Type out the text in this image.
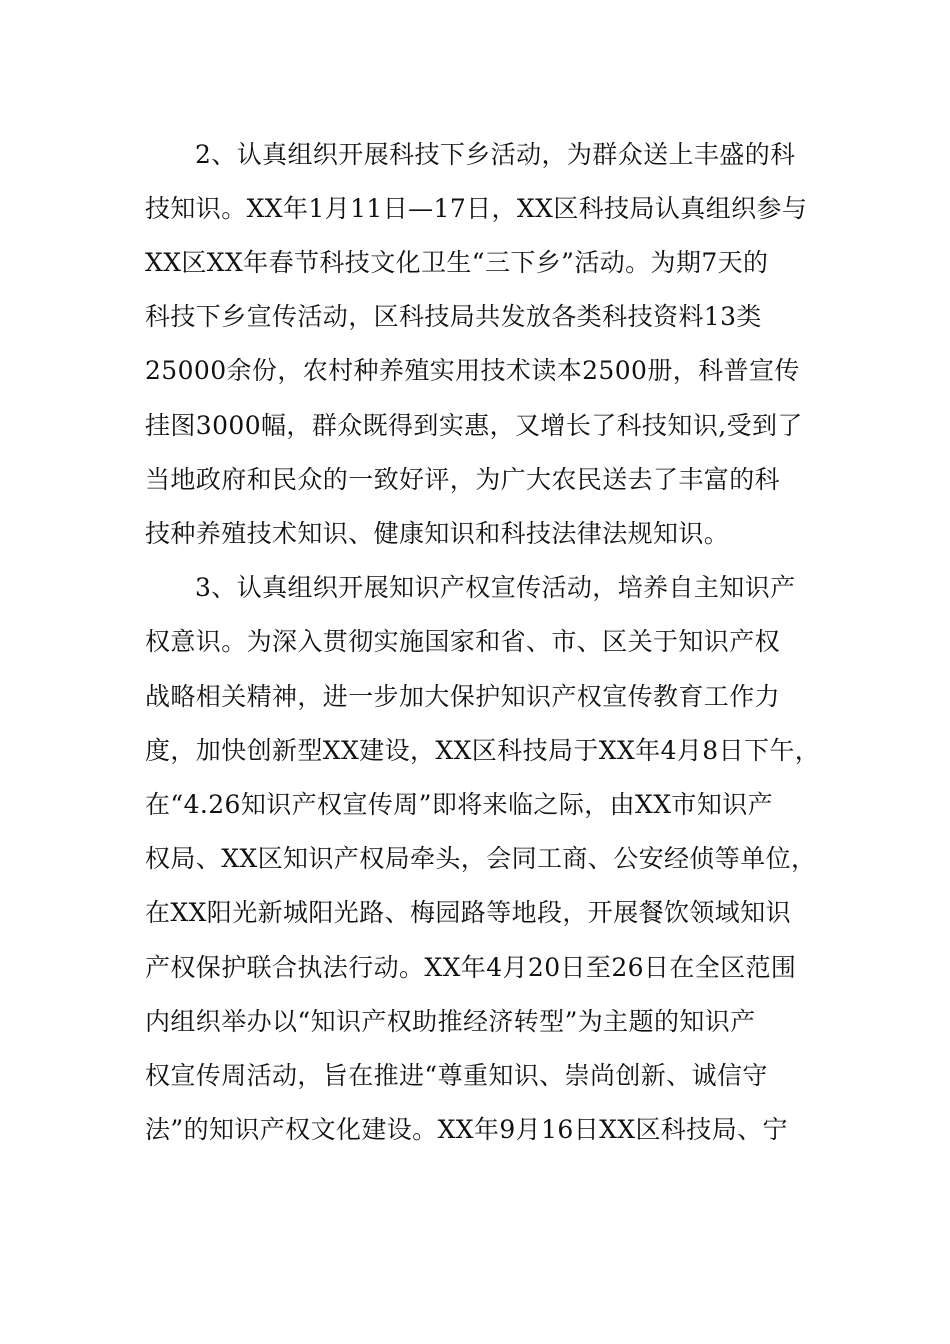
2、认真组织开展科技下乡活动，为群众送上丰盛的科
技知识。XX年1月11日—17日，XX区科技局认真组织参与
XX区XX年春节科技文化卫生“三下乡”活动。为期7天的
科技下乡宣传活动，区科技局共发放各类科技资料13类
25000余份，农村种养殖实用技术读本2500册，科普宣传
挂图3000幅，群众既得到实惠，又增长了科技知识,受到了
当地政府和民众的一致好评，为广大农民送去了丰富的科
技种养殖技术知识、健康知识和科技法律法规知识。
3、认真组织开展知识产权宣传活动，培养自主知识产
权意识。为深入贯彻实施国家和省、市、区关于知识产权
战略相关精神，进一步加大保护知识产权宣传教育工作力
度，加快创新型XX建设，XX区科技局于XX年4月8日下午，
在“4.26知识产权宣传周”即将来临之际，由XX市知识产
权局、XX区知识产权局牵头，会同工商、公安经侦等单位，
在XX阳光新城阳光路、梅园路等地段，开展餐饮领域知识
产权保护联合执法行动。XX年4月20日至26日在全区范围
内组织举办以“知识产权助推经济转型”为主题的知识产
权宣传周活动，旨在推进“尊重知识、崇尚创新、诚信守
法”的知识产权文化建设。XX年9月16日XX区科技局、宁
